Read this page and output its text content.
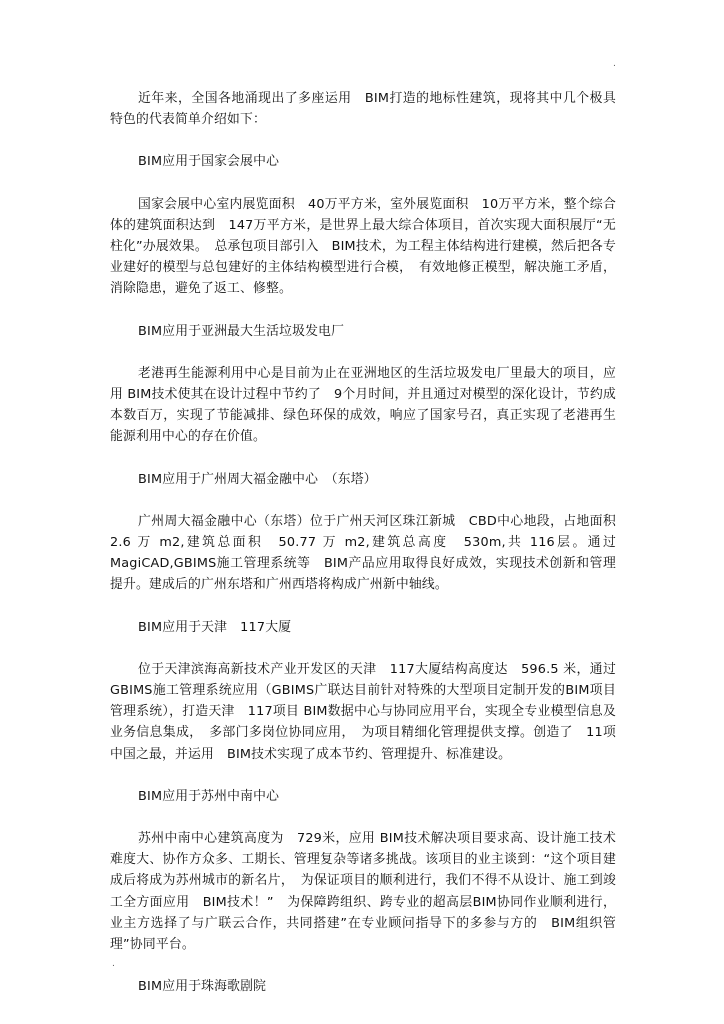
.

近年来，全国各地涌现出了多座运用　BIM打造的地标性建筑，现将其中几个极具特色的代表简单介绍如下：

BIM应用于国家会展中心

国家会展中心室内展览面积　40万平方米，室外展览面积　10万平方米，整个综合体的建筑面积达到　147万平方米，是世界上最大综合体项目，首次实现大面积展厅“无柱化”办展效果。　总承包项目部引入　BIM技术，为工程主体结构进行建模，然后把各专业建好的模型与总包建好的主体结构模型进行合模，　有效地修正模型，解决施工矛盾，消除隐患，避免了返工、修整。

BIM应用于亚洲最大生活垃圾发电厂

老港再生能源利用中心是目前为止在亚洲地区的生活垃圾发电厂里最大的项目，应用 BIM技术使其在设计过程中节约了　9个月时间，并且通过对模型的深化设计，节约成本数百万，实现了节能减排、绿色环保的成效，响应了国家号召，真正实现了老港再生能源利用中心的存在价值。

BIM应用于广州周大福金融中心　（东塔）

广州周大福金融中心（东塔）位于广州天河区珠江新城　CBD中心地段，占地面积 2.6 万 m2,建筑总面积　50.77 万 m2,建筑总高度　530m,共 116层。通过 MagiCAD,GBIMS施工管理系统等　BIM产品应用取得良好成效，实现技术创新和管理提升。建成后的广州东塔和广州西塔将构成广州新中轴线。

BIM应用于天津　117大厦

位于天津滨海高新技术产业开发区的天津　117大厦结构高度达　596.5 米，通过 GBIMS施工管理系统应用（GBIMS广联达目前针对特殊的大型项目定制开发的BIM项目管理系统），打造天津　117项目 BIM数据中心与协同应用平台，实现全专业模型信息及业务信息集成，　多部门多岗位协同应用，　为项目精细化管理提供支撑。创造了　11项中国之最，并运用　BIM技术实现了成本节约、管理提升、标准建设。

BIM应用于苏州中南中心

苏州中南中心建筑高度为　729米，应用 BIM技术解决项目要求高、设计施工技术难度大、协作方众多、工期长、管理复杂等诸多挑战。该项目的业主谈到：“这个项目建成后将成为苏州城市的新名片，　为保证项目的顺利进行，我们不得不从设计、施工到竣工全方面应用　BIM技术！”　为保障跨组织、跨专业的超高层BIM协同作业顺利进行，业主方选择了与广联云合作，共同搭建”在专业顾问指导下的多参与方的　BIM组织管理”协同平台。

BIM应用于珠海歌剧院

.
